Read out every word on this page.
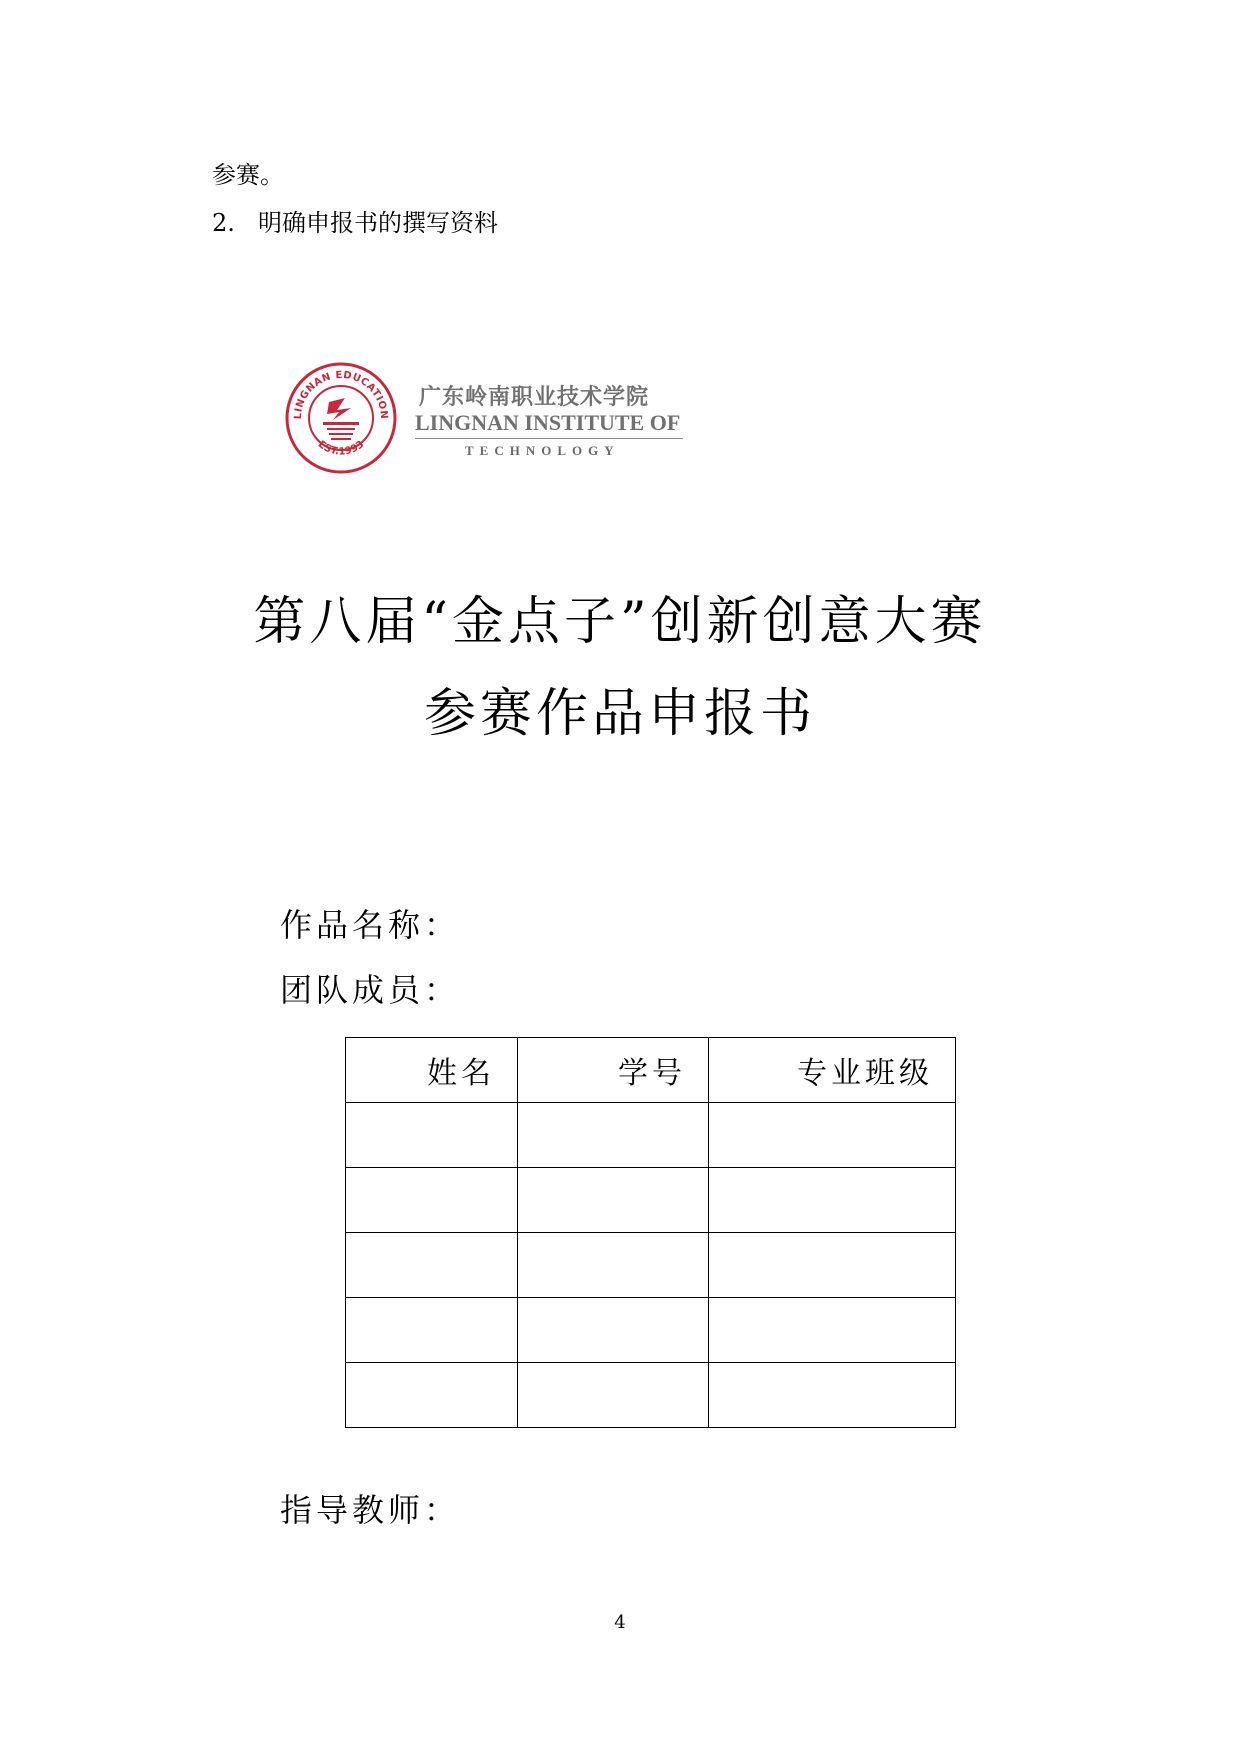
参赛。
2. 明确申报书的撰写资料
LINGNAN EDUCATION
EST.1993
广东岭南职业技术学院
LINGNAN INSTITUTE OF
TECHNOLOGY
第八届“金点子”创新创意大赛
参赛作品申报书
作品名称：
团队成员：
姓名	学号	专业班级

指导教师：
4
